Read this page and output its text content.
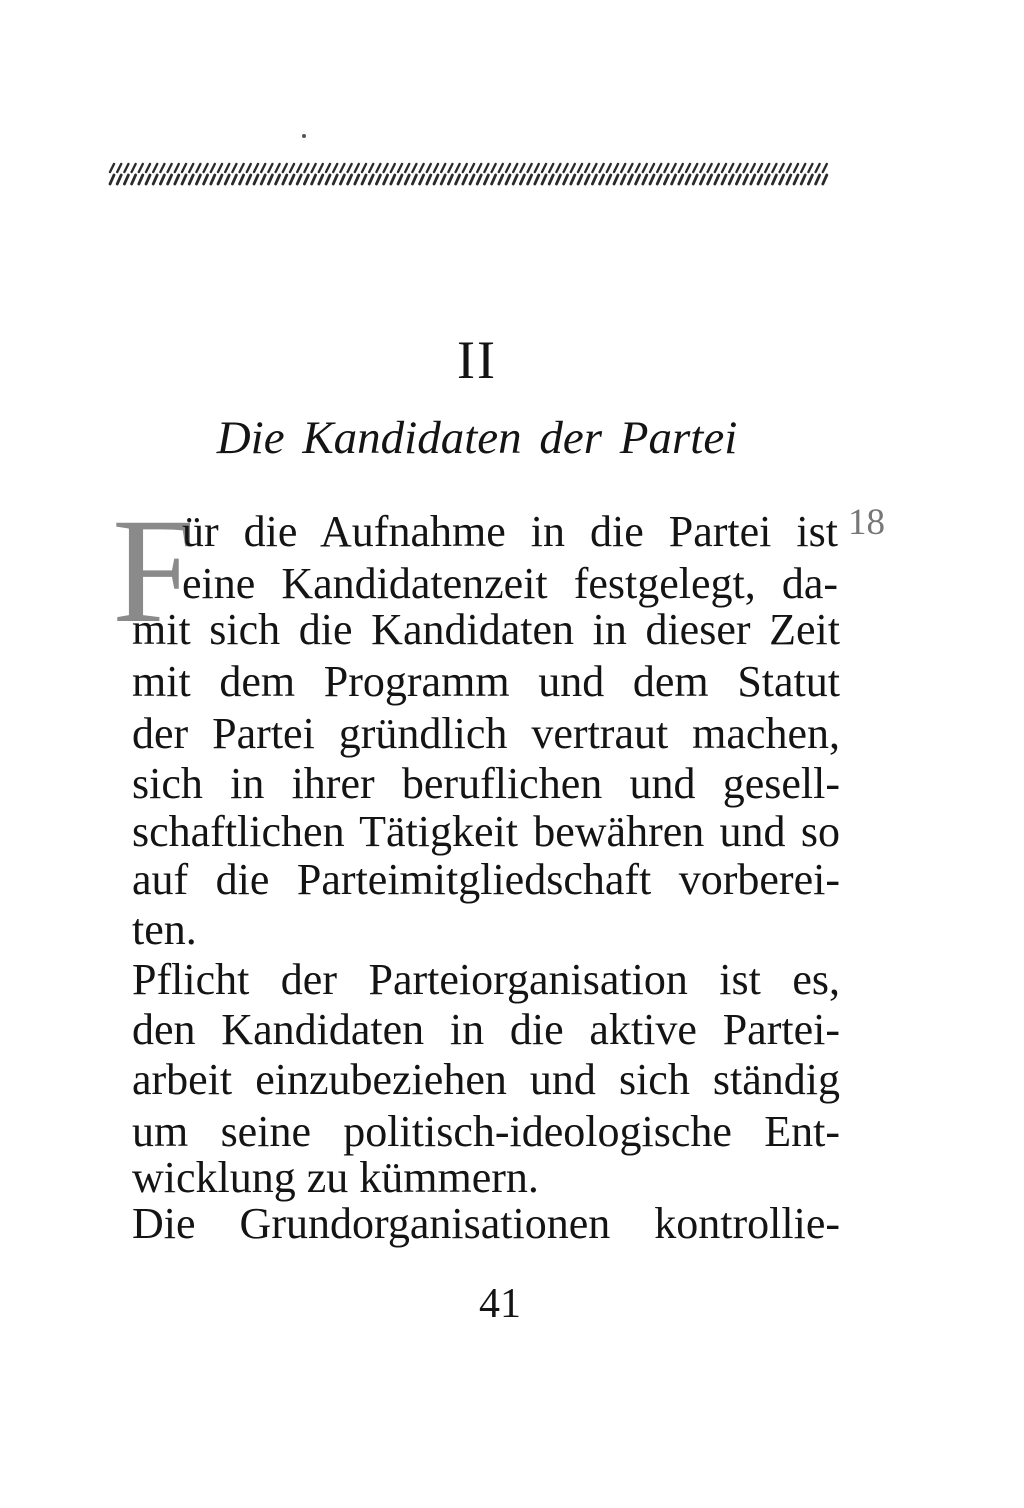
II
Die Kandidaten der Partei
18
F
ür die Aufnahme in die Partei ist
eine Kandidatenzeit festgelegt, da-
mit sich die Kandidaten in dieser Zeit
mit dem Programm und dem Statut
der Partei gründlich vertraut machen,
sich in ihrer beruflichen und gesell-
schaftlichen Tätigkeit bewähren und so
auf die Parteimitgliedschaft vorberei-
ten.
Pflicht der Parteiorganisation ist es,
den Kandidaten in die aktive Partei-
arbeit einzubeziehen und sich ständig
um seine politisch-ideologische Ent-
wicklung zu kümmern.
Die Grundorganisationen kontrollie-
41
